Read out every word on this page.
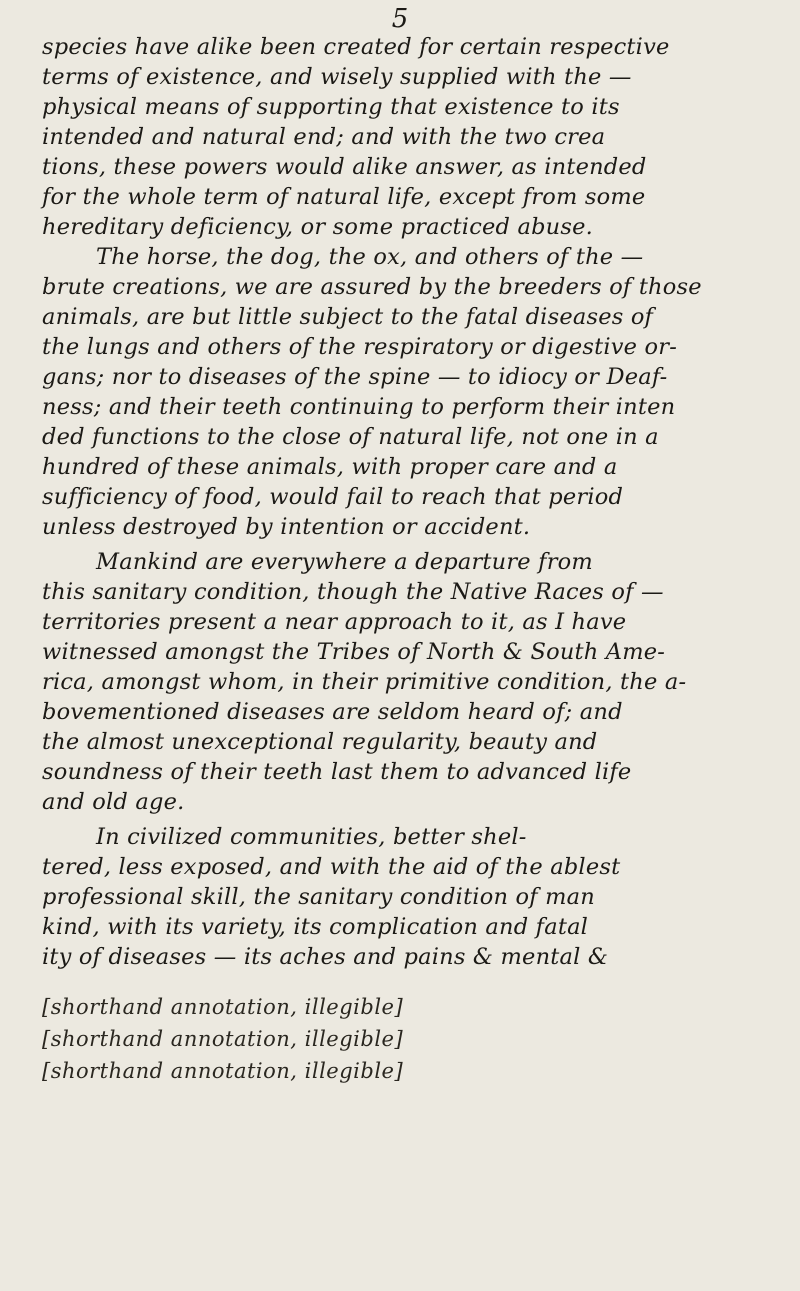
5
species have alike been created for certain respective
terms of existence, and wisely supplied with the —
physical means of supporting that existence to its
intended and natural end; and with the two crea
tions, these powers would alike answer, as intended
for the whole term of natural life, except from some
hereditary deficiency, or some practiced abuse.
The horse, the dog, the ox, and others of the —
brute creations, we are assured by the breeders of those
animals, are but little subject to the fatal diseases of
the lungs and others of the respiratory or digestive or-
gans; nor to diseases of the spine — to idiocy or Deaf-
ness; and their teeth continuing to perform their inten
ded functions to the close of natural life, not one in a
hundred of these animals, with proper care and a
sufficiency of food, would fail to reach that period
unless destroyed by intention or accident.
Mankind are everywhere a departure from
this sanitary condition, though the Native Races of —
territories present a near approach to it, as I have
witnessed amongst the Tribes of North & South Ame-
rica, amongst whom, in their primitive condition, the a-
bovementioned diseases are seldom heard of; and
the almost unexceptional regularity, beauty and
soundness of their teeth last them to advanced life
and old age.
In civilized communities, better shel-
tered, less exposed, and with the aid of the ablest
professional skill, the sanitary condition of man
kind, with its variety, its complication and fatal
ity of diseases — its aches and pains & mental &
[shorthand annotation, illegible]
[shorthand annotation, illegible]
[shorthand annotation, illegible]
